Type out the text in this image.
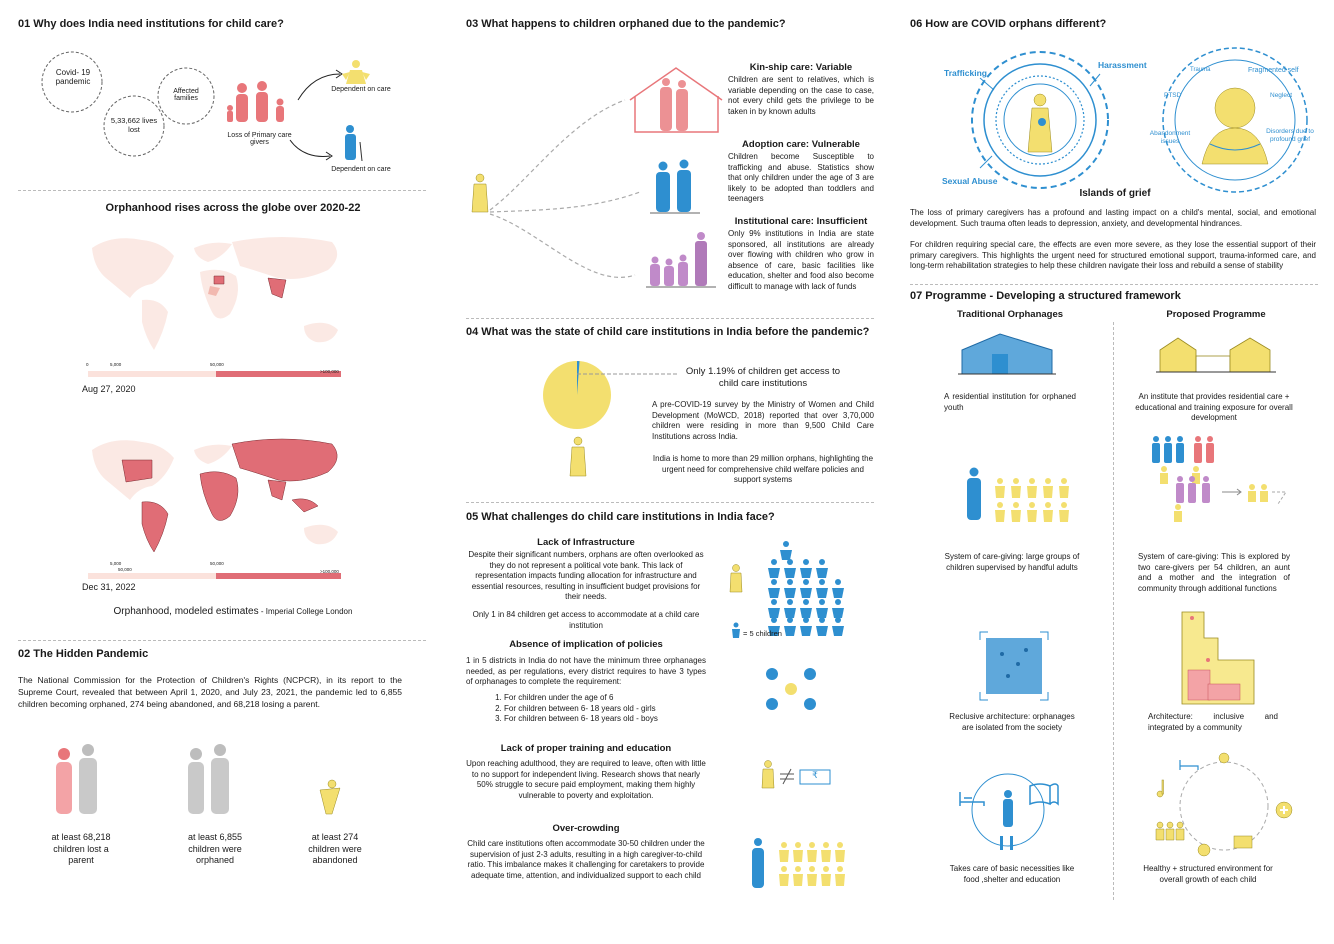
01 Why does India need institutions for child care?
Covid- 19 pandemic
5,33,662 lives lost
Affected families
Loss of Primary care givers
Dependent on care
Dependent on care
Orphanhood rises across the globe over 2020-22
0	5,000	50,000
>100,000
Aug 27, 2020
5,000
50,000
50,000
>100,000
Dec 31, 2022
Orphanhood, modeled estimates - Imperial College London
02 The Hidden Pandemic
The National Commission for the Protection of Children's Rights (NCPCR), in its report to the Supreme Court, revealed that between April 1, 2020, and July 23, 2021, the pandemic led to 6,855 children becoming orphaned, 274 being abandoned, and 68,218 losing a parent.
at least 68,218 children lost a parent
at least 6,855 children were orphaned
at least 274 children were abandoned
03 What happens to children orphaned due to the pandemic?
Kin-ship care: Variable
Children are sent to relatives, which is variable depending on the case to case, not every child gets the privilege to be taken in by known adults
Adoption care: Vulnerable
Children become Susceptible to trafficking and abuse. Statistics show that only children under the age of 3 are likely to be adopted than toddlers and teenagers
Institutional care: Insufficient
Only 9% institutions in India are state sponsored, all institutions are already over flowing with children who grow in absence of care, basic facilities like education, shelter and food also become difficult to manage with lack of funds
04 What was the state of child care institutions in India before the pandemic?
Only 1.19% of children get access to child care institutions
A pre-COVID-19 survey by the Ministry of Women and Child Development (MoWCD, 2018) reported that over 3,70,000 children were residing in more than 9,500 Child Care Institutions across India.
India is home to more than 29 million orphans, highlighting the urgent need for comprehensive child welfare policies and support systems
05 What challenges do child care institutions in India face?
Lack of Infrastructure
Despite their significant numbers, orphans are often overlooked as they do not represent a political vote bank. This lack of representation impacts funding allocation for infrastructure and essential resources, resulting in insufficient budget provisions for their needs.
Only 1 in 84 children get access to accommodate at a child care institution
= 5 children
Absence of implication of policies
1 in 5 districts in India do not have the minimum three orphanages needed, as per regulations, every district requires to have 3 types of orphanages to complete the requirement:
1. For children under the age of 6
2. For children between 6- 18 years old - girls
3. For children between 6- 18 years old - boys
Lack of proper training and education
Upon reaching adulthood, they are required to leave, often with little to no support for independent living. Research shows that nearly 50% struggle to secure paid employment, making them highly vulnerable to poverty and exploitation.
₹
Over-crowding
Child care institutions often accommodate 30-50 children under the supervision of just 2-3 adults, resulting in a high caregiver-to-child ratio. This imbalance makes it challenging for caretakers to provide adequate time, attention, and individualized support to each child
06 How are COVID orphans different?
Trafficking
Harassment
Sexual Abuse
Trauma	Fragmented self
PTSD	Neglect
Abandonment issues
Disorders due to profound grief
Islands of grief
The loss of primary caregivers has a profound and lasting impact on a child's mental, social, and emotional development. Such trauma often leads to depression, anxiety, and developmental hindrances.
For children requiring special care, the effects are even more severe, as they lose the essential support of their primary caregivers. This highlights the urgent need for structured emotional support, trauma-informed care, and long-term rehabilitation strategies to help these children navigate their loss and rebuild a sense of stability
07 Programme - Developing a structured framework
Traditional Orphanages	Proposed Programme
A residential institution for orphaned youth
An institute that provides residential care + educational and training exposure for overall development
System of care-giving: large groups of children supervised by handful adults
System of care-giving: This is explored by two care-givers per 54 children, an aunt and a mother and the integration of community through additional functions
Reclusive architecture: orphanages are isolated from the society
Architecture: inclusive and integrated by a community
Takes care of basic necessities like food ,shelter and education
Healthy + structured environment for overall growth of each child
